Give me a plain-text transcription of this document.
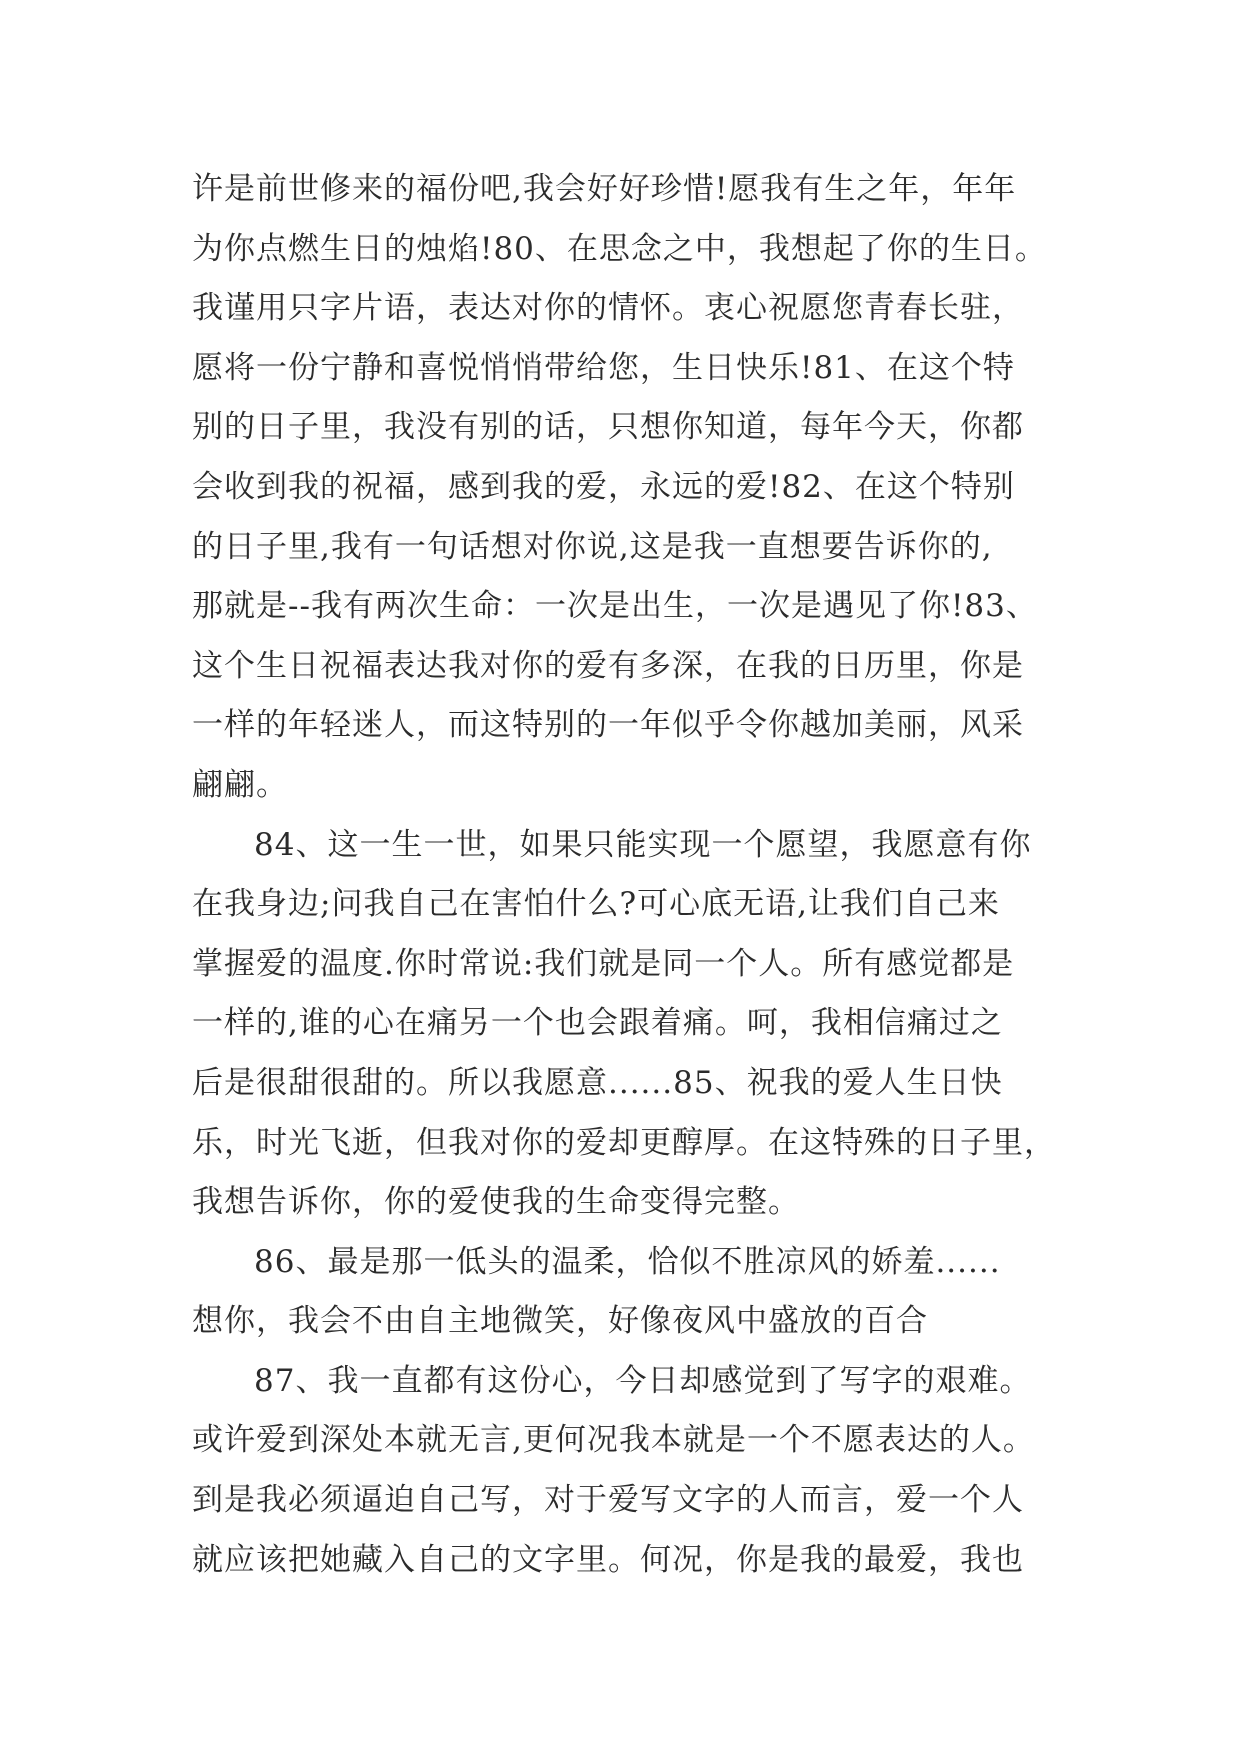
许是前世修来的福份吧,我会好好珍惜!愿我有生之年，年年
为你点燃生日的烛焰!80、在思念之中，我想起了你的生日。
我谨用只字片语，表达对你的情怀。衷心祝愿您青春长驻，
愿将一份宁静和喜悦悄悄带给您，生日快乐!81、在这个特
别的日子里，我没有别的话，只想你知道，每年今天，你都
会收到我的祝福，感到我的爱，永远的爱!82、在这个特别
的日子里,我有一句话想对你说,这是我一直想要告诉你的,
那就是--我有两次生命：一次是出生，一次是遇见了你!83、
这个生日祝福表达我对你的爱有多深，在我的日历里，你是
一样的年轻迷人，而这特别的一年似乎令你越加美丽，风采
翩翩。
84、这一生一世，如果只能实现一个愿望，我愿意有你
在我身边;问我自己在害怕什么?可心底无语,让我们自己来
掌握爱的温度.你时常说:我们就是同一个人。所有感觉都是
一样的,谁的心在痛另一个也会跟着痛。呵，我相信痛过之
后是很甜很甜的。所以我愿意......85、祝我的爱人生日快
乐，时光飞逝，但我对你的爱却更醇厚。在这特殊的日子里，
我想告诉你，你的爱使我的生命变得完整。
86、最是那一低头的温柔，恰似不胜凉风的娇羞......
想你，我会不由自主地微笑，好像夜风中盛放的百合
87、我一直都有这份心，今日却感觉到了写字的艰难。
或许爱到深处本就无言,更何况我本就是一个不愿表达的人。
到是我必须逼迫自己写，对于爱写文字的人而言，爱一个人
就应该把她藏入自己的文字里。何况，你是我的最爱，我也
